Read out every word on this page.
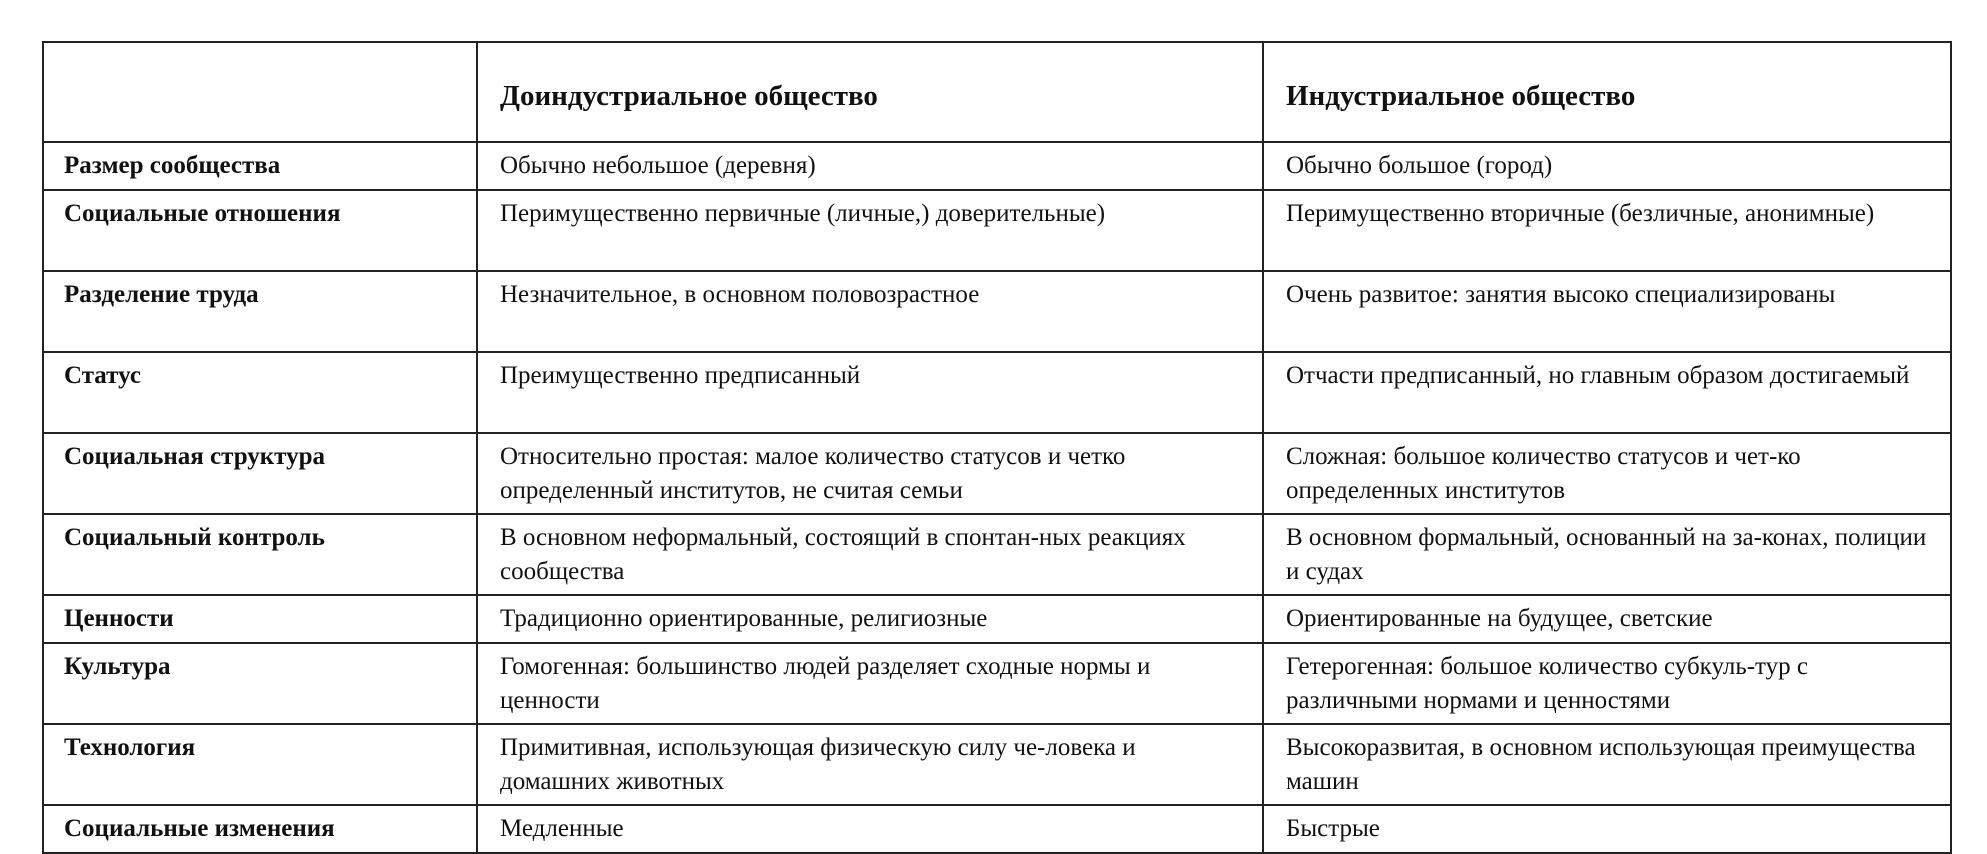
	Доиндустриальное общество	Индустриальное общество
Размер сообщества	Обычно небольшое (деревня)	Обычно большое (город)
Социальные отношения	Перимущественно первичные (личные,) доверительные)	Перимущественно вторичные (безличные, анонимные)
Разделение труда	Незначительное, в основном половозрастное	Очень развитое: занятия высоко специализированы
Статус	Преимущественно предписанный	Отчасти предписанный, но главным образом достигаемый
Социальная структура	Относительно простая: малое количество статусов и четко определенный институтов, не считая семьи	Сложная: большое количество статусов и чет-ко определенных институтов
Социальный контроль	В основном неформальный, состоящий в спонтан-ных реакциях сообщества	В основном формальный, основанный на за-конах, полиции и судах
Ценности	Традиционно ориентированные, религиозные	Ориентированные на будущее, светские
Культура	Гомогенная: большинство людей разделяет сходные нормы и ценности	Гетерогенная: большое количество субкуль-тур с различными нормами и ценностями
Технология	Примитивная, использующая физическую силу че-ловека и домашних животных	Высокоразвитая, в основном использующая преимущества машин
Социальные изменения	Медленные	Быстрые
